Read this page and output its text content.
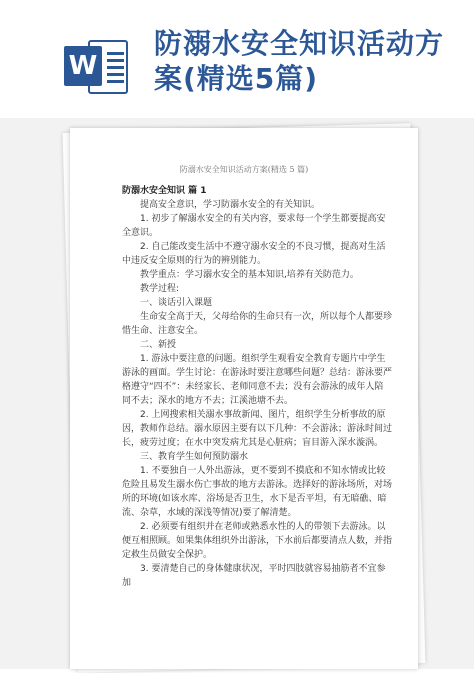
W
防溺水安全知识活动方案(精选5篇)
防溺水安全知识活动方案(精选 5 篇)

防溺水安全知识 篇 1

提高安全意识，学习防溺水安全的有关知识。

1. 初步了解溺水安全的有关内容，要求每一个学生都要提高安全意识。

2. 自己能改变生活中不遵守溺水安全的不良习惯，提高对生活中违反安全原则的行为的辨别能力。

教学重点：学习溺水安全的基本知识,培养有关防范力。

教学过程:

一、谈话引入课题

生命安全高于天，父母给你的生命只有一次，所以每个人都要珍惜生命、注意安全。

二、新授

1. 游泳中要注意的问题。组织学生观看安全教育专题片中学生游泳的画面。学生讨论：在游泳时要注意哪些问题？总结：游泳要严格遵守“四不”：未经家长、老师同意不去；没有会游泳的成年人陪同不去；深水的地方不去；江溪池塘不去。

2. 上网搜索相关溺水事故新闻、图片，组织学生分析事故的原因，教师作总结。溺水原因主要有以下几种：不会游泳；游泳时间过长，疲劳过度；在水中突发病尤其是心脏病；盲目游入深水漩涡。

三、教育学生如何预防溺水

1. 不要独自一人外出游泳，更不要到不摸底和不知水情或比较危险且易发生溺水伤亡事故的地方去游泳。选择好的游泳场所，对场所的环境(如该水库、浴场是否卫生，水下是否平坦，有无暗礁、暗流、杂草，水域的深浅等情况)要了解清楚。

2. 必须要有组织并在老师或熟悉水性的人的带领下去游泳。以便互相照顾。如果集体组织外出游泳，下水前后都要清点人数，并指定救生员做安全保护。

3. 要清楚自己的身体健康状况，平时四肢就容易抽筋者不宜参加
